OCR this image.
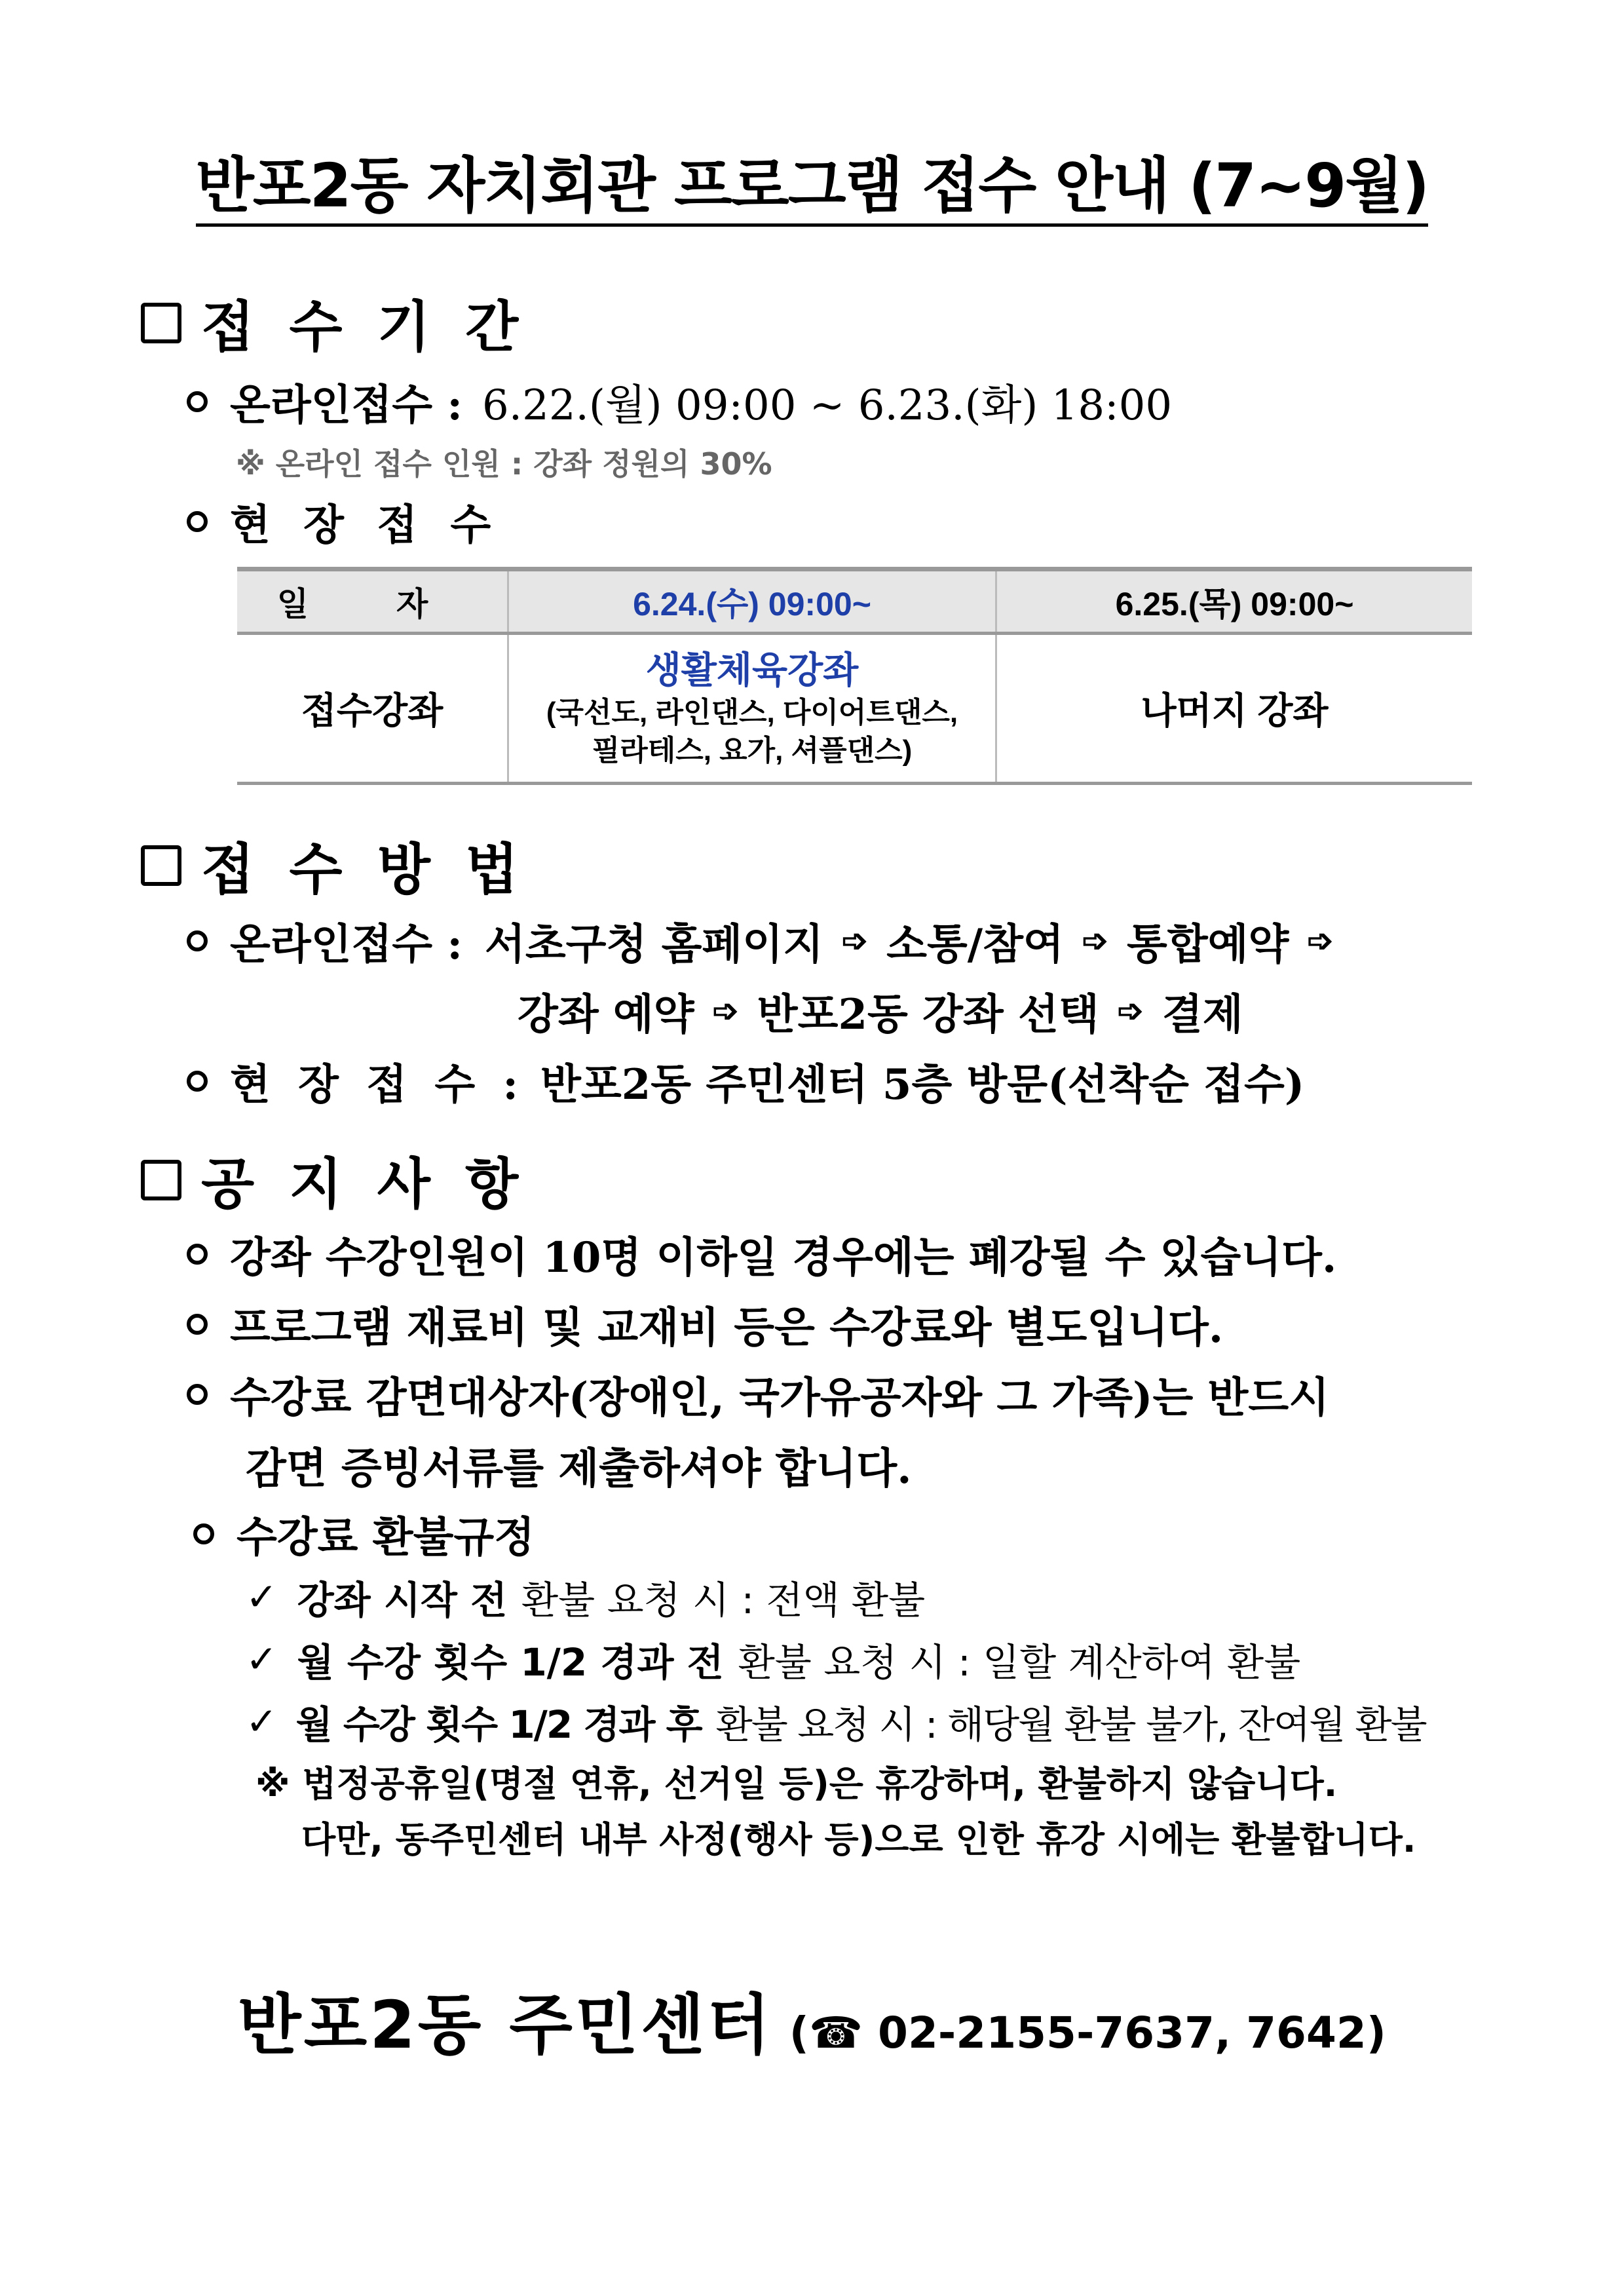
반포2동 자치회관 프로그램 접수 안내 (7~9월)
접 수 기 간
온라인접수 : 6.22.(월) 09:00 ~ 6.23.(화) 18:00
※ 온라인 접수 인원 : 강좌 정원의 30%
현 장 접 수
일 자	6.24.(수) 09:00~	6.25.(목) 09:00~
접수강좌	생활체육강좌
(국선도, 라인댄스, 다이어트댄스,
필라테스, 요가, 셔플댄스)	나머지 강좌
접 수 방 법
온라인접수 : 서초구청 홈페이지 ➩ 소통/참여 ➩ 통합예약 ➩
강좌 예약 ➩ 반포2동 강좌 선택 ➩ 결제
현 장 접 수 : 반포2동 주민센터 5층 방문(선착순 접수)
공 지 사 항
강좌 수강인원이 10명 이하일 경우에는 폐강될 수 있습니다.
프로그램 재료비 및 교재비 등은 수강료와 별도입니다.
수강료 감면대상자(장애인, 국가유공자와 그 가족)는 반드시
감면 증빙서류를 제출하셔야 합니다.
수강료 환불규정
✓ 강좌 시작 전 환불 요청 시 : 전액 환불
✓ 월 수강 횟수 1/2 경과 전 환불 요청 시 : 일할 계산하여 환불
✓ 월 수강 횟수 1/2 경과 후 환불 요청 시 : 해당월 환불 불가, 잔여월 환불
※ 법정공휴일(명절 연휴, 선거일 등)은 휴강하며, 환불하지 않습니다.
다만, 동주민센터 내부 사정(행사 등)으로 인한 휴강 시에는 환불합니다.
반포2동 주민센터 (☎ 02-2155-7637, 7642)
